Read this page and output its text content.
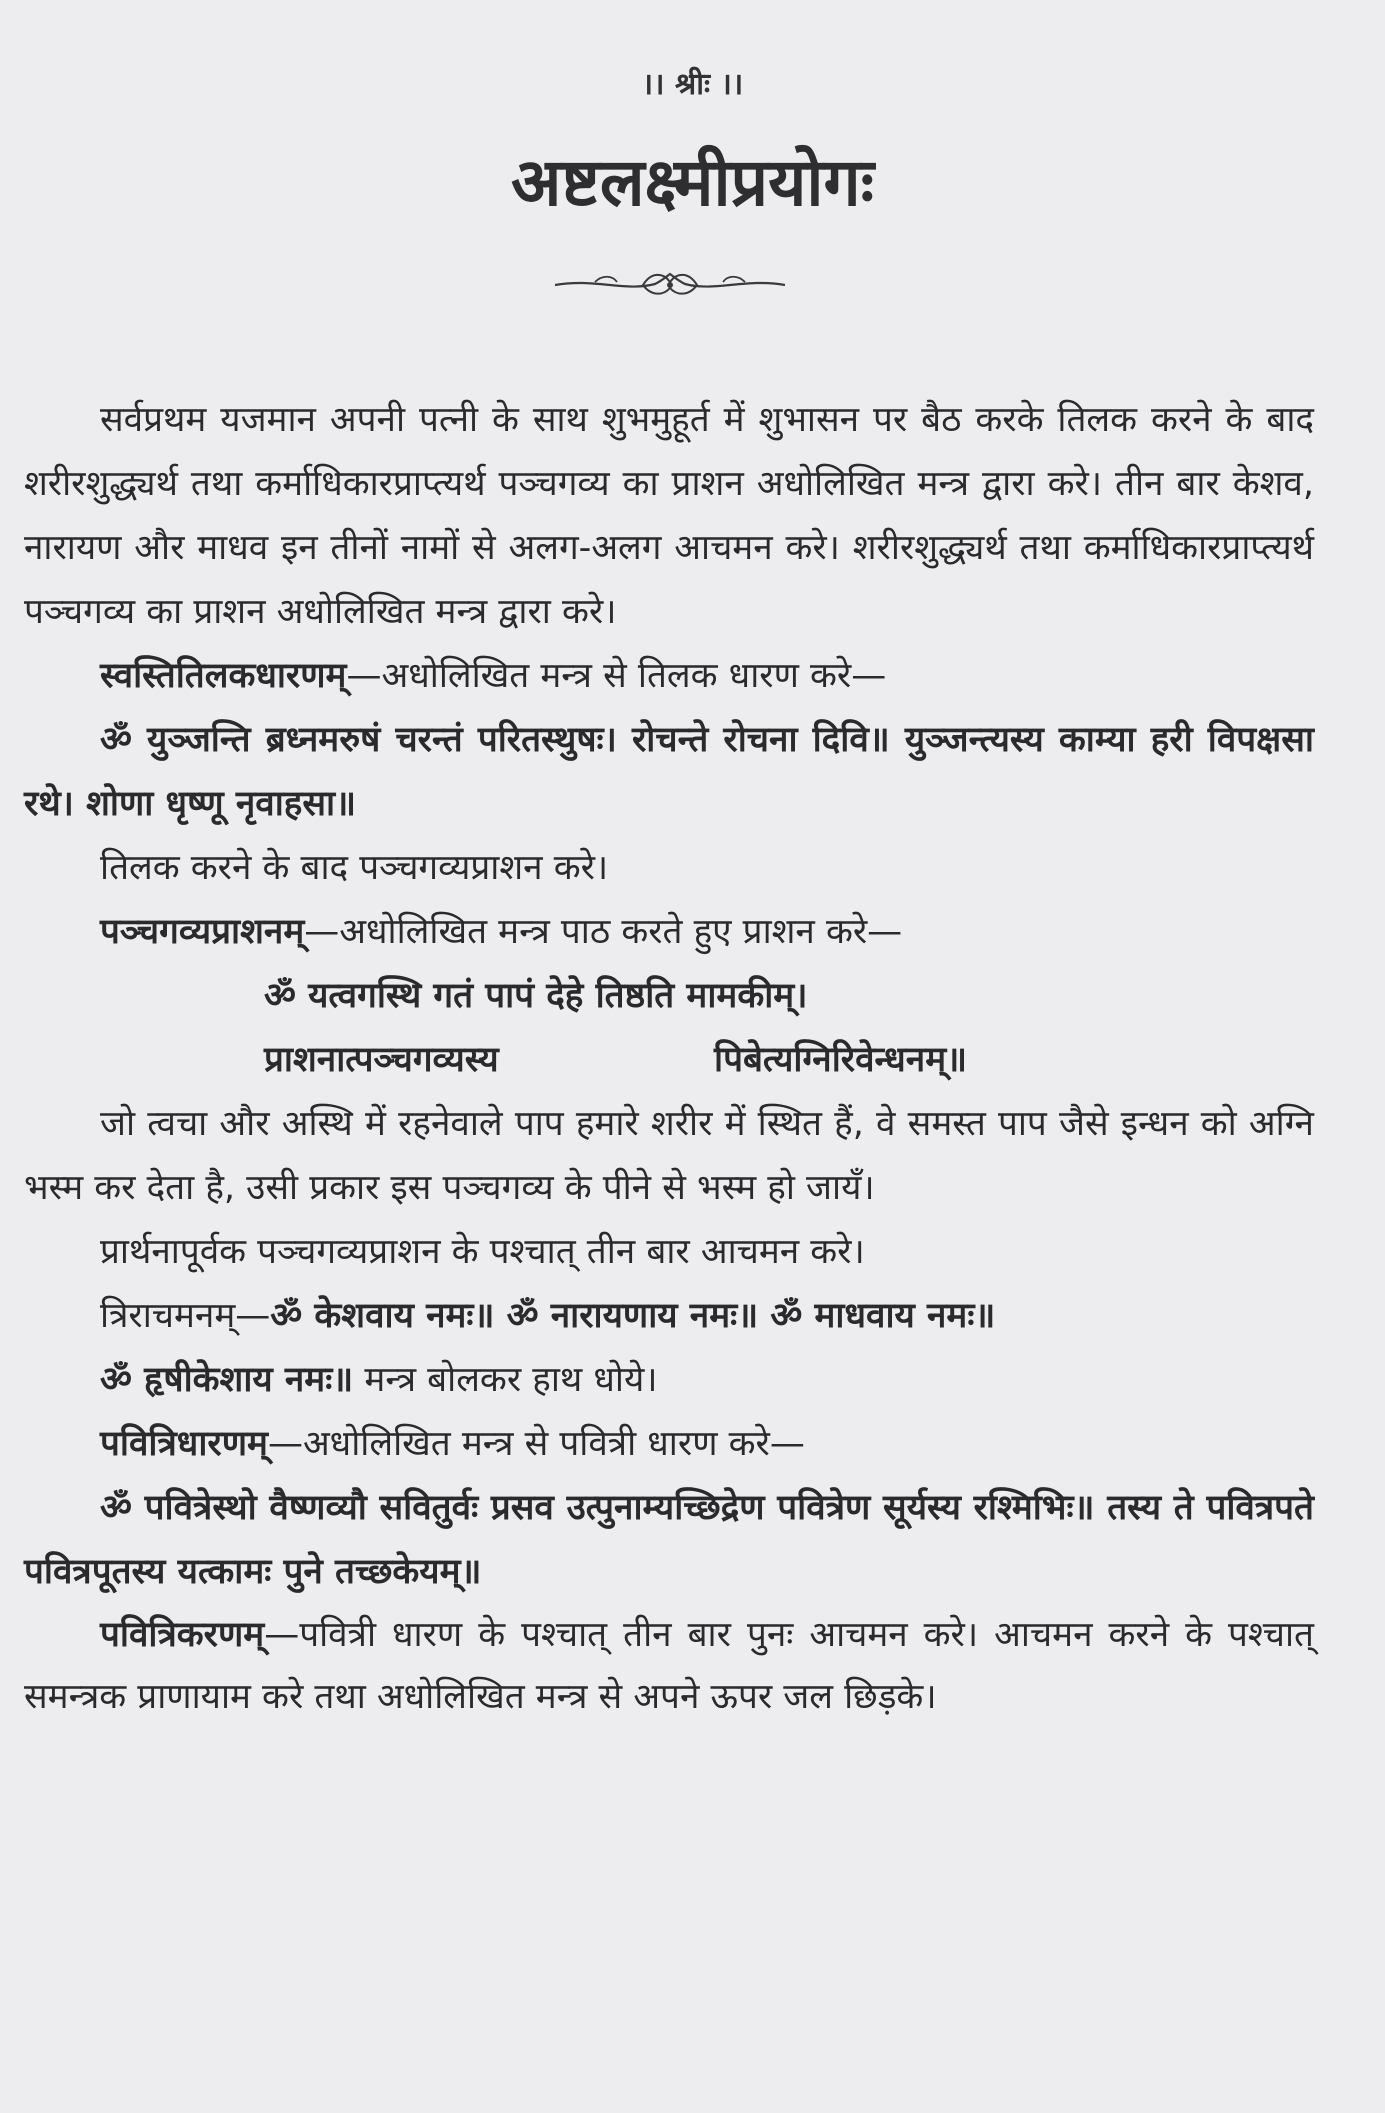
।। श्रीः ।।
अष्टलक्ष्मीप्रयोगः

सर्वप्रथम यजमान अपनी पत्नी के साथ शुभमुहूर्त में शुभासन पर बैठ करके तिलक करने के बाद शरीरशुद्ध्यर्थ तथा कर्माधिकारप्राप्त्यर्थ पञ्चगव्य का प्राशन अधोलिखित मन्त्र द्वारा करे। तीन बार केशव, नारायण और माधव इन तीनों नामों से अलग-अलग आचमन करे। शरीरशुद्ध्यर्थ तथा कर्माधिकारप्राप्त्यर्थ पञ्चगव्य का प्राशन अधोलिखित मन्त्र द्वारा करे।

स्वस्तितिलकधारणम्—अधोलिखित मन्त्र से तिलक धारण करे—

ॐ युञ्जन्ति ब्रध्नमरुषं चरन्तं परितस्थुषः। रोचन्ते रोचना दिवि॥ युञ्जन्त्यस्य काम्या हरी विपक्षसा रथे। शोणा धृष्णू नृवाहसा॥

तिलक करने के बाद पञ्चगव्यप्राशन करे।

पञ्चगव्यप्राशनम्—अधोलिखित मन्त्र पाठ करते हुए प्राशन करे—

ॐ यत्वगस्थि गतं पापं देहे तिष्ठति मामकीम्।

प्राशनात्पञ्चगव्यस्य	पिबेत्यग्निरिवेन्धनम्॥

जो त्वचा और अस्थि में रहनेवाले पाप हमारे शरीर में स्थित हैं, वे समस्त पाप जैसे इन्धन को अग्नि भस्म कर देता है, उसी प्रकार इस पञ्चगव्य के पीने से भस्म हो जायँ।

प्रार्थनापूर्वक पञ्चगव्यप्राशन के पश्चात् तीन बार आचमन करे।

त्रिराचमनम्—ॐ केशवाय नमः॥ ॐ नारायणाय नमः॥ ॐ माधवाय नमः॥

ॐ हृषीकेशाय नमः॥ मन्त्र बोलकर हाथ धोये।

पवित्रिधारणम्—अधोलिखित मन्त्र से पवित्री धारण करे—

ॐ पवित्रेस्थो वैष्णव्यौ सवितुर्वः प्रसव उत्पुनाम्यच्छिद्रेण पवित्रेण सूर्यस्य रश्मिभिः॥ तस्य ते पवित्रपते पवित्रपूतस्य यत्कामः पुने तच्छकेयम्॥

पवित्रिकरणम्—पवित्री धारण के पश्चात् तीन बार पुनः आचमन करे। आचमन करने के पश्चात् समन्त्रक प्राणायाम करे तथा अधोलिखित मन्त्र से अपने ऊपर जल छिड़के।
